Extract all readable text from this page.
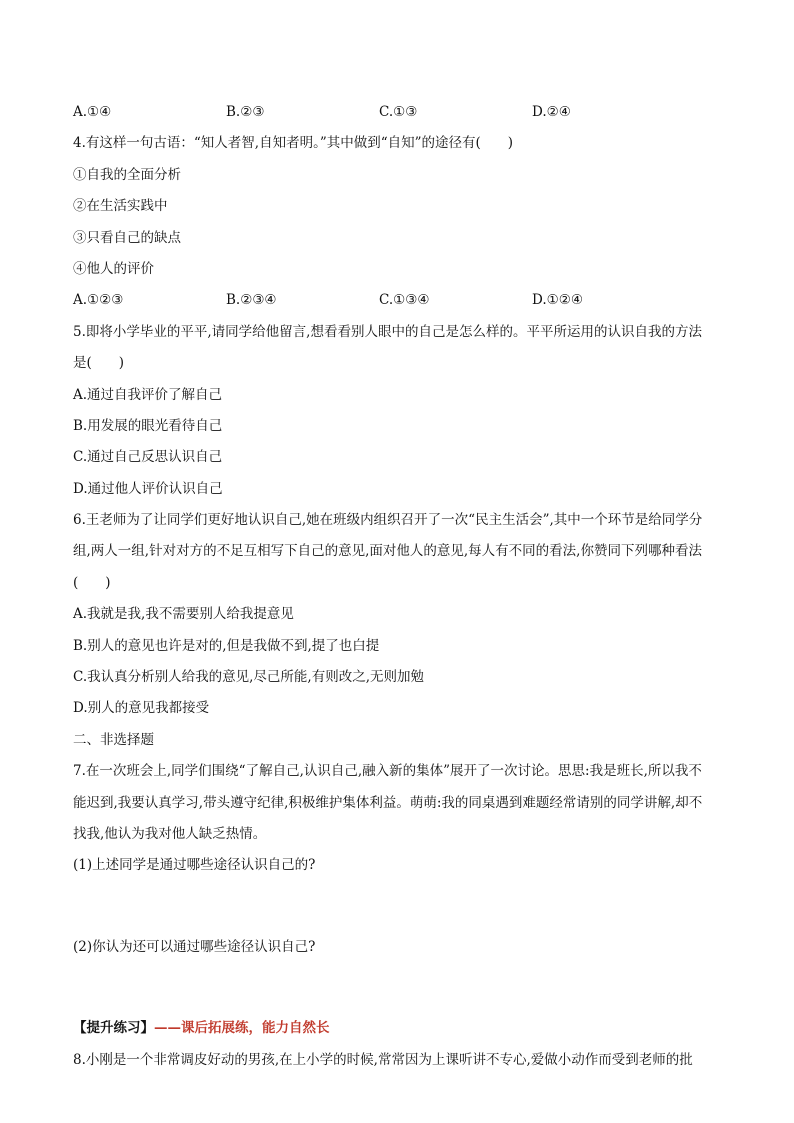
A.①④	B.②③	C.①③	D.②④
4.有这样一句古语：“知人者智,自知者明。”其中做到“自知”的途径有(　　)
①自我的全面分析
②在生活实践中
③只看自己的缺点
④他人的评价
A.①②③	B.②③④	C.①③④	D.①②④
5.即将小学毕业的平平,请同学给他留言,想看看别人眼中的自己是怎么样的。平平所运用的认识自我的方法
是(　　)
A.通过自我评价了解自己
B.用发展的眼光看待自己
C.通过自己反思认识自己
D.通过他人评价认识自己
6.王老师为了让同学们更好地认识自己,她在班级内组织召开了一次“民主生活会”,其中一个环节是给同学分
组,两人一组,针对对方的不足互相写下自己的意见,面对他人的意见,每人有不同的看法,你赞同下列哪种看法
(　　)
A.我就是我,我不需要别人给我提意见
B.别人的意见也许是对的,但是我做不到,提了也白提
C.我认真分析别人给我的意见,尽己所能,有则改之,无则加勉
D.别人的意见我都接受
二、非选择题
7.在一次班会上,同学们围绕“了解自己,认识自己,融入新的集体”展开了一次讨论。思思:我是班长,所以我不
能迟到,我要认真学习,带头遵守纪律,积极维护集体利益。萌萌:我的同桌遇到难题经常请别的同学讲解,却不
找我,他认为我对他人缺乏热情。
(1)上述同学是通过哪些途径认识自己的?
(2)你认为还可以通过哪些途径认识自己?
【提升练习】——课后拓展练，能力自然长
8.小刚是一个非常调皮好动的男孩,在上小学的时候,常常因为上课听讲不专心,爱做小动作而受到老师的批
